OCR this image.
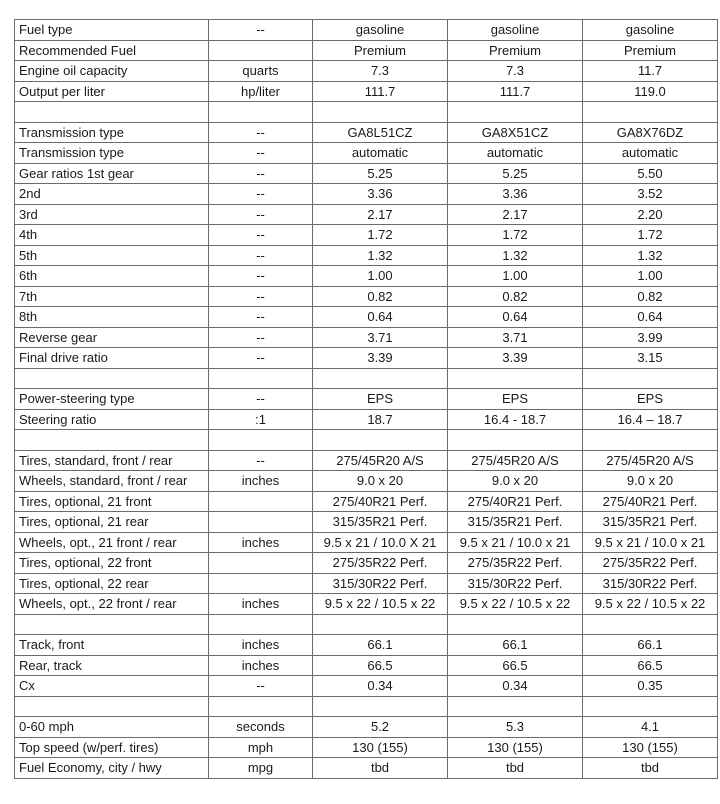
Fuel type	--	gasoline	gasoline	gasoline
Recommended Fuel		Premium	Premium	Premium
Engine oil capacity	quarts	7.3	7.3	11.7
Output per liter	hp/liter	111.7	111.7	119.0

Transmission type	--	GA8L51CZ	GA8X51CZ	GA8X76DZ
Transmission type	--	automatic	automatic	automatic
Gear ratios 1st gear	--	5.25	5.25	5.50
2nd	--	3.36	3.36	3.52
3rd	--	2.17	2.17	2.20
4th	--	1.72	1.72	1.72
5th	--	1.32	1.32	1.32
6th	--	1.00	1.00	1.00
7th	--	0.82	0.82	0.82
8th	--	0.64	0.64	0.64
Reverse gear	--	3.71	3.71	3.99
Final drive ratio	--	3.39	3.39	3.15

Power-steering type	--	EPS	EPS	EPS
Steering ratio	:1	18.7	16.4 - 18.7	16.4 – 18.7

Tires, standard, front / rear	--	275/45R20 A/S	275/45R20 A/S	275/45R20 A/S
Wheels, standard, front / rear	inches	9.0 x 20	9.0 x 20	9.0 x 20
Tires, optional, 21 front		275/40R21 Perf.	275/40R21 Perf.	275/40R21 Perf.
Tires, optional, 21 rear		315/35R21 Perf.	315/35R21 Perf.	315/35R21 Perf.
Wheels, opt., 21 front / rear	inches	9.5 x 21 / 10.0 X 21	9.5 x 21 / 10.0 x 21	9.5 x 21 / 10.0 x 21
Tires, optional, 22 front		275/35R22 Perf.	275/35R22 Perf.	275/35R22 Perf.
Tires, optional, 22 rear		315/30R22 Perf.	315/30R22 Perf.	315/30R22 Perf.
Wheels, opt., 22 front / rear	inches	9.5 x 22 / 10.5 x 22	9.5 x 22 / 10.5 x 22	9.5 x 22 / 10.5 x 22

Track, front	inches	66.1	66.1	66.1
Rear, track	inches	66.5	66.5	66.5
Cx	--	0.34	0.34	0.35

0-60 mph	seconds	5.2	5.3	4.1
Top speed (w/perf. tires)	mph	130 (155)	130 (155)	130 (155)
Fuel Economy, city / hwy	mpg	tbd	tbd	tbd
